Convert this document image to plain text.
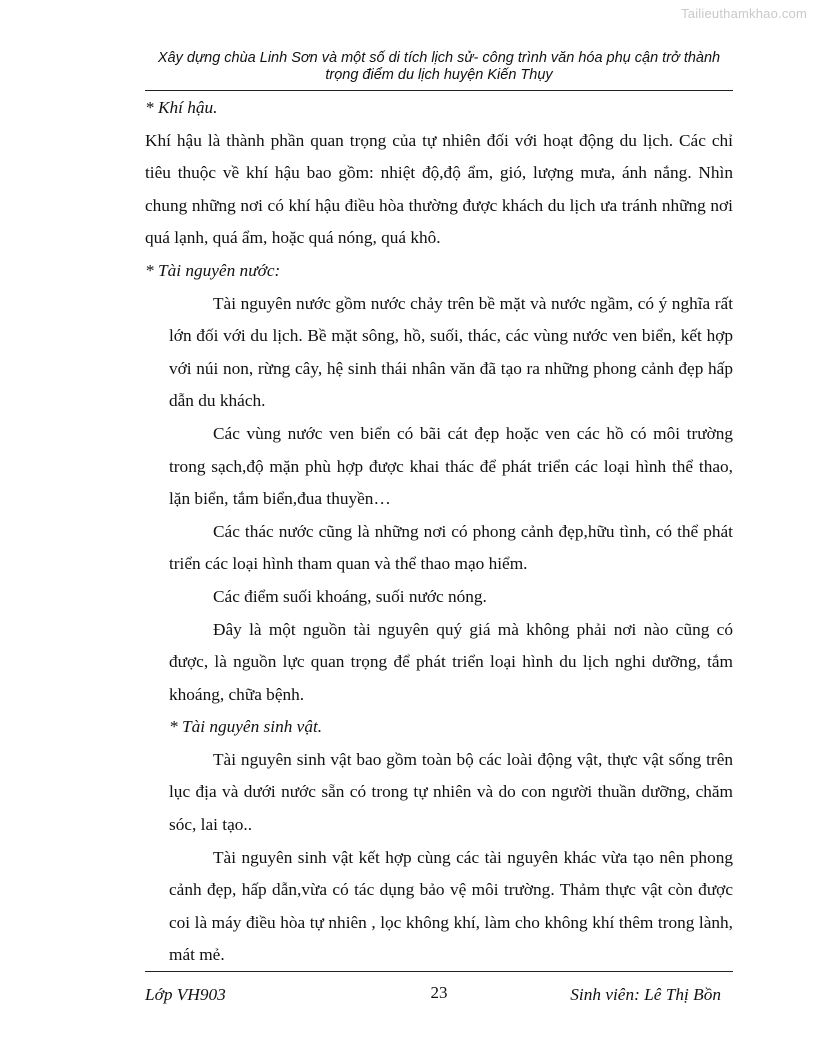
Tailieuthamkhao.com
Xây dựng chùa Linh Sơn và một số di tích lịch sử- công trình văn hóa phụ cận trở thành trọng điểm du lịch huyện Kiến Thụy

* Khí hậu.

Khí hậu là thành phần quan trọng của tự nhiên đối với hoạt động du lịch. Các chỉ tiêu thuộc về khí hậu bao gồm: nhiệt độ,độ ẩm, gió, lượng mưa, ánh nắng. Nhìn chung những nơi có khí hậu điều hòa thường được khách du lịch ưa tránh những nơi quá lạnh, quá ẩm, hoặc quá nóng, quá khô.

* Tài nguyên nước:

Tài nguyên nước gồm nước chảy trên bề mặt và nước ngầm, có ý nghĩa rất lớn đối với du lịch. Bề mặt sông, hồ, suối, thác, các vùng nước ven biển, kết hợp với núi non, rừng cây, hệ sinh thái nhân văn đã tạo ra những phong cảnh đẹp hấp dẫn du khách.

Các vùng nước ven biển có bãi cát đẹp hoặc ven các hồ có môi trường trong sạch,độ mặn phù hợp được khai thác để phát triển các loại hình thể thao, lặn biển, tắm biển,đua thuyền…

Các thác nước cũng là những nơi có phong cảnh đẹp,hữu tình, có thể phát triển các loại hình tham quan và thể thao mạo hiểm.

Các điểm suối khoáng, suối nước nóng.

Đây là một nguồn tài nguyên quý giá mà không phải nơi nào cũng có được, là nguồn lực quan trọng để phát triển loại hình du lịch nghi dưỡng, tắm khoáng, chữa bệnh.

* Tài nguyên sinh vật.

Tài nguyên sinh vật bao gồm toàn bộ các loài động vật, thực vật sống trên lục địa và dưới nước sẵn có trong tự nhiên và do con người thuần dưỡng, chăm sóc, lai tạo..

Tài nguyên sinh vật kết hợp cùng các tài nguyên khác vừa tạo nên phong cảnh đẹp, hấp dẫn,vừa có tác dụng bảo vệ môi trường. Thảm thực vật còn được coi là máy điều hòa tự nhiên , lọc không khí, làm cho không khí thêm trong lành, mát mẻ.

Lớp VH903	23	Sinh viên: Lê Thị Bồn
